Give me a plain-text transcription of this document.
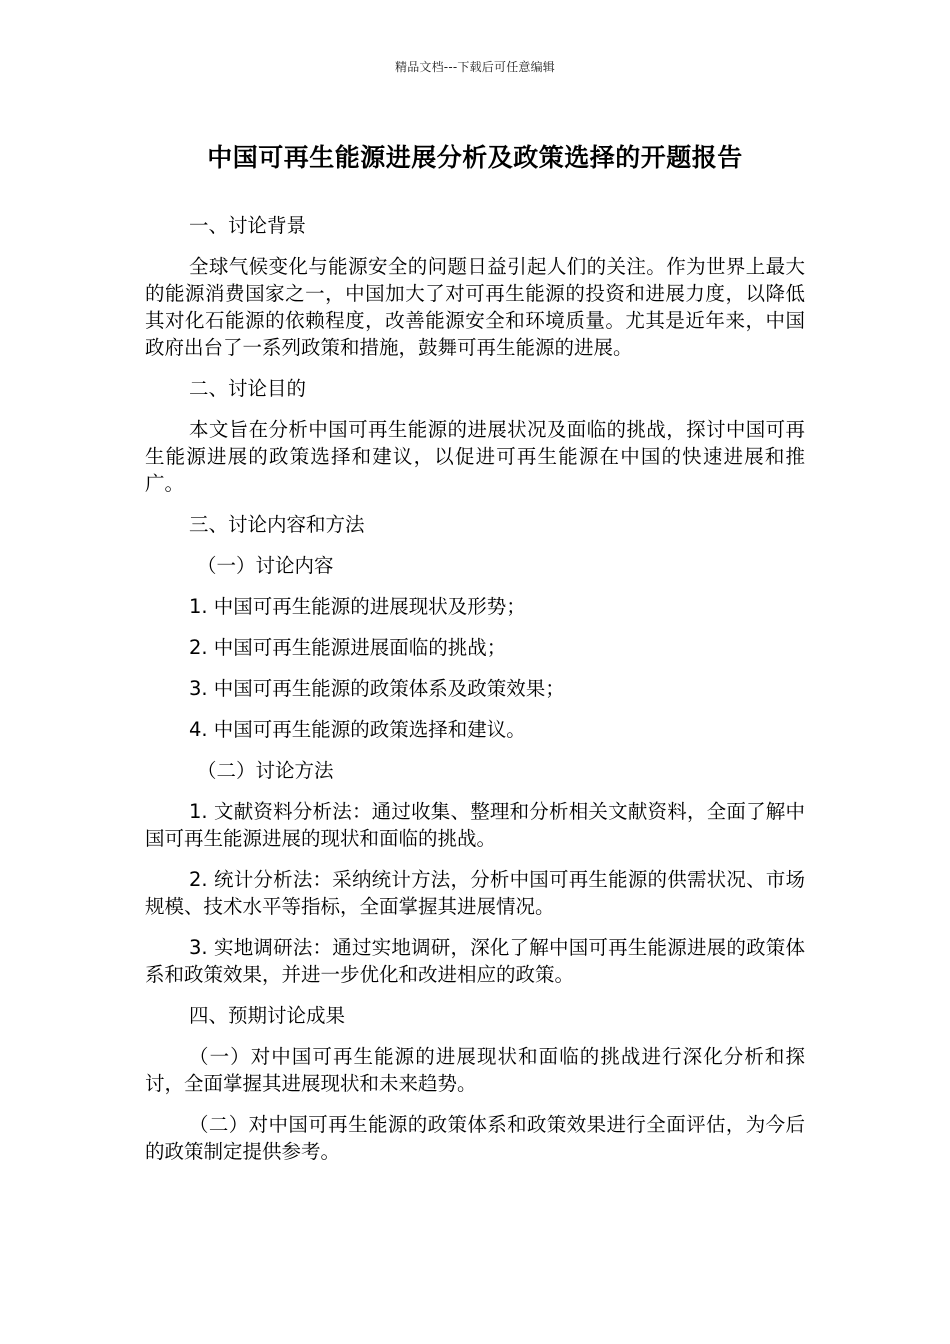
精品文档---下载后可任意编辑
中国可再生能源进展分析及政策选择的开题报告

一、讨论背景

全球气候变化与能源安全的问题日益引起人们的关注。作为世界上最大的能源消费国家之一，中国加大了对可再生能源的投资和进展力度，以降低其对化石能源的依赖程度，改善能源安全和环境质量。尤其是近年来，中国政府出台了一系列政策和措施，鼓舞可再生能源的进展。

二、讨论目的

本文旨在分析中国可再生能源的进展状况及面临的挑战，探讨中国可再生能源进展的政策选择和建议，以促进可再生能源在中国的快速进展和推广。

三、讨论内容和方法

（一）讨论内容

1. 中国可再生能源的进展现状及形势；

2. 中国可再生能源进展面临的挑战；

3. 中国可再生能源的政策体系及政策效果；

4. 中国可再生能源的政策选择和建议。

（二）讨论方法

1. 文献资料分析法：通过收集、整理和分析相关文献资料，全面了解中国可再生能源进展的现状和面临的挑战。

2. 统计分析法：采纳统计方法，分析中国可再生能源的供需状况、市场规模、技术水平等指标，全面掌握其进展情况。

3. 实地调研法：通过实地调研，深化了解中国可再生能源进展的政策体系和政策效果，并进一步优化和改进相应的政策。

四、预期讨论成果

（一）对中国可再生能源的进展现状和面临的挑战进行深化分析和探讨，全面掌握其进展现状和未来趋势。

（二）对中国可再生能源的政策体系和政策效果进行全面评估，为今后的政策制定提供参考。
